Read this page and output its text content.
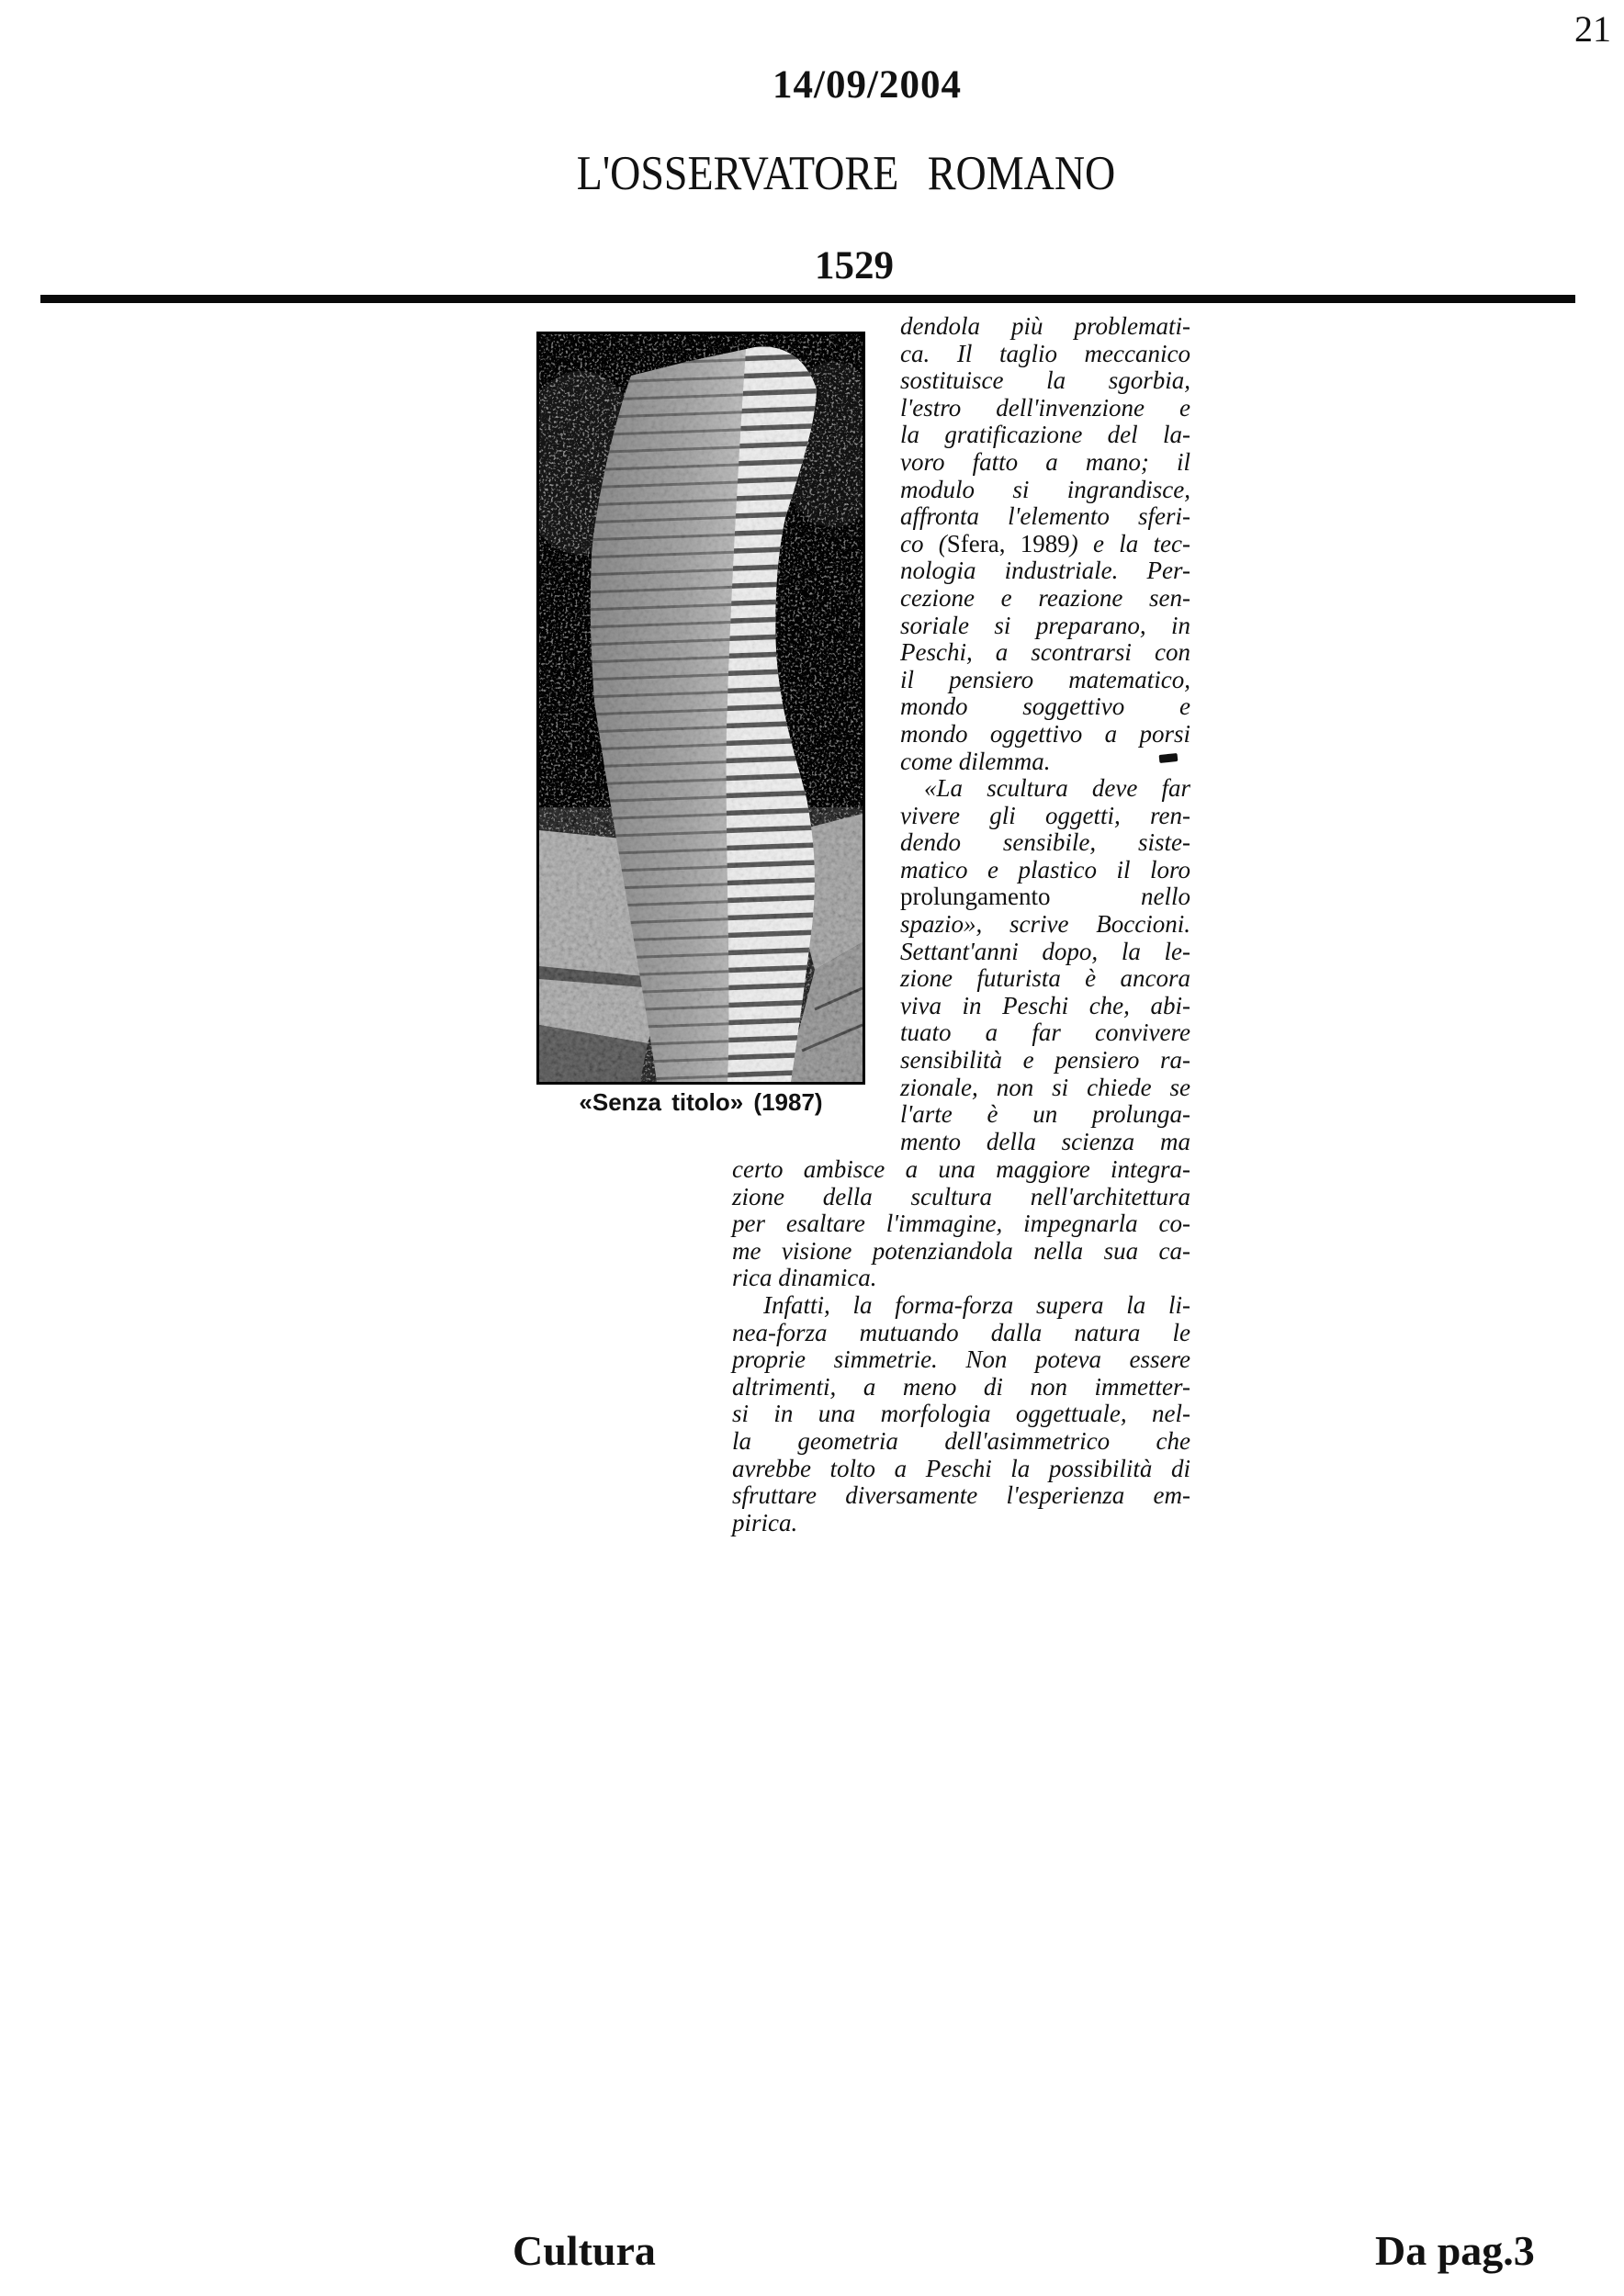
21
14/09/2004
L'OSSERVATORE ROMANO
1529
«Senza titolo» (1987)
dendola più problemati-
ca. Il taglio meccanico
sostituisce la sgorbia,
l'estro dell'invenzione e
la gratificazione del la-
voro fatto a mano; il
modulo si ingrandisce,
affronta l'elemento sferi-
co (Sfera, 1989) e la tec-
nologia industriale. Per-
cezione e reazione sen-
soriale si preparano, in
Peschi, a scontrarsi con
il pensiero matematico,
mondo soggettivo e
mondo oggettivo a porsi
come dilemma.
«La scultura deve far
vivere gli oggetti, ren-
dendo sensibile, siste-
matico e plastico il loro
prolungamento nello
spazio», scrive Boccioni.
Settant'anni dopo, la le-
zione futurista è ancora
viva in Peschi che, abi-
tuato a far convivere
sensibilità e pensiero ra-
zionale, non si chiede se
l'arte è un prolunga-
mento della scienza ma
certo ambisce a una maggiore integra-
zione della scultura nell'architettura
per esaltare l'immagine, impegnarla co-
me visione potenziandola nella sua ca-
rica dinamica.
Infatti, la forma-forza supera la li-
nea-forza mutuando dalla natura le
proprie simmetrie. Non poteva essere
altrimenti, a meno di non immetter-
si in una morfologia oggettuale, nel-
la geometria dell'asimmetrico che
avrebbe tolto a Peschi la possibilità di
sfruttare diversamente l'esperienza em-
pirica.
Cultura	Da pag.3
